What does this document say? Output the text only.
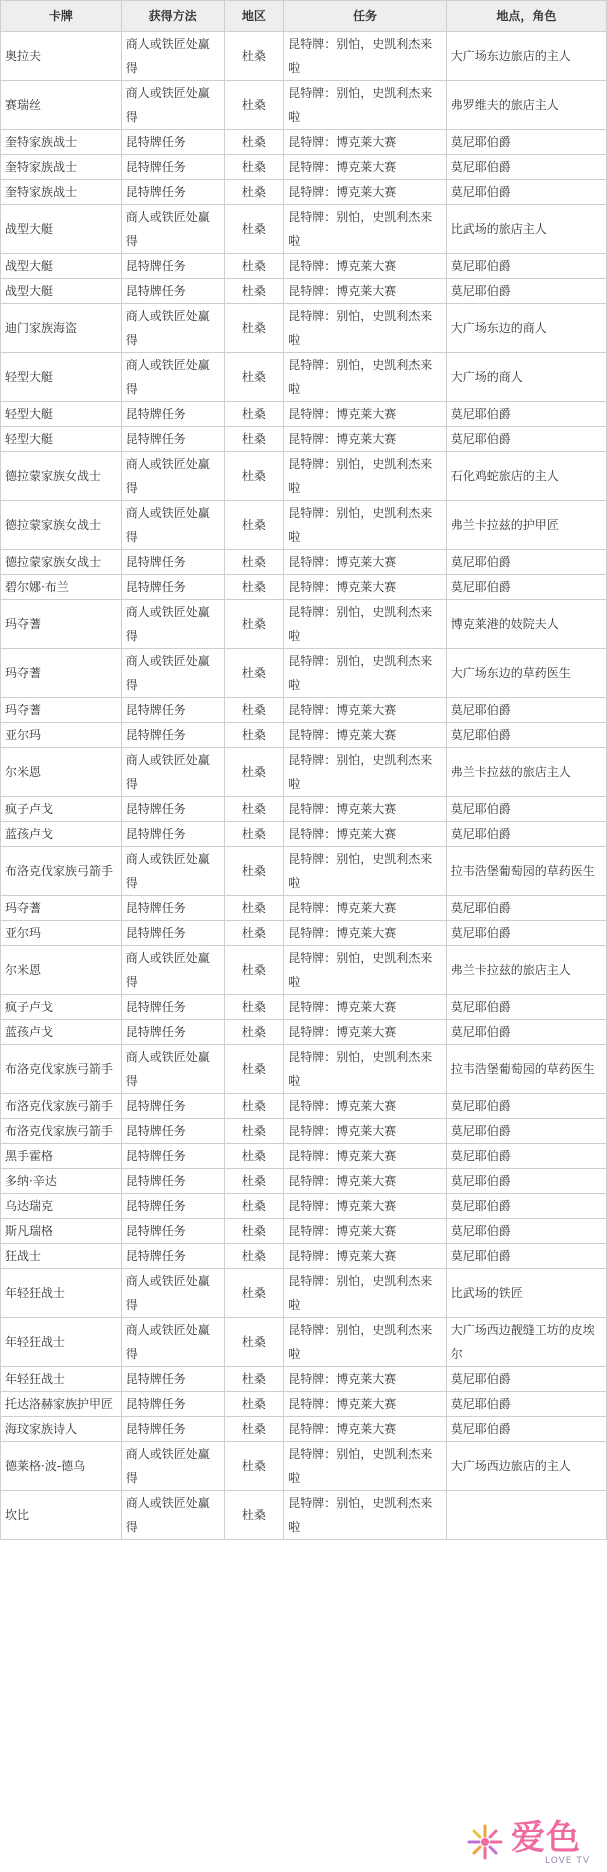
卡牌	获得方法	地区	任务	地点，角色
奥拉夫	商人或铁匠处赢得	杜桑	昆特牌：别怕，史凯利杰来啦	大广场东边旅店的主人
赛瑞丝	商人或铁匠处赢得	杜桑	昆特牌：别怕，史凯利杰来啦	弗罗维夫的旅店主人
奎特家族战士	昆特牌任务	杜桑	昆特牌：博克莱大赛	莫尼耶伯爵
奎特家族战士	昆特牌任务	杜桑	昆特牌：博克莱大赛	莫尼耶伯爵
奎特家族战士	昆特牌任务	杜桑	昆特牌：博克莱大赛	莫尼耶伯爵
战型大艇	商人或铁匠处赢得	杜桑	昆特牌：别怕，史凯利杰来啦	比武场的旅店主人
战型大艇	昆特牌任务	杜桑	昆特牌：博克莱大赛	莫尼耶伯爵
战型大艇	昆特牌任务	杜桑	昆特牌：博克莱大赛	莫尼耶伯爵
迪门家族海盗	商人或铁匠处赢得	杜桑	昆特牌：别怕，史凯利杰来啦	大广场东边的商人
轻型大艇	商人或铁匠处赢得	杜桑	昆特牌：别怕，史凯利杰来啦	大广场的商人
轻型大艇	昆特牌任务	杜桑	昆特牌：博克莱大赛	莫尼耶伯爵
轻型大艇	昆特牌任务	杜桑	昆特牌：博克莱大赛	莫尼耶伯爵
德拉蒙家族女战士	商人或铁匠处赢得	杜桑	昆特牌：别怕，史凯利杰来啦	石化鸡蛇旅店的主人
德拉蒙家族女战士	商人或铁匠处赢得	杜桑	昆特牌：别怕，史凯利杰来啦	弗兰卡拉兹的护甲匠
德拉蒙家族女战士	昆特牌任务	杜桑	昆特牌：博克莱大赛	莫尼耶伯爵
碧尔娜·布兰	昆特牌任务	杜桑	昆特牌：博克莱大赛	莫尼耶伯爵
玛夺蓍	商人或铁匠处赢得	杜桑	昆特牌：别怕，史凯利杰来啦	博克莱港的妓院夫人
玛夺蓍	商人或铁匠处赢得	杜桑	昆特牌：别怕，史凯利杰来啦	大广场东边的草药医生
玛夺蓍	昆特牌任务	杜桑	昆特牌：博克莱大赛	莫尼耶伯爵
亚尔玛	昆特牌任务	杜桑	昆特牌：博克莱大赛	莫尼耶伯爵
尔米恩	商人或铁匠处赢得	杜桑	昆特牌：别怕，史凯利杰来啦	弗兰卡拉兹的旅店主人
疯子卢戈	昆特牌任务	杜桑	昆特牌：博克莱大赛	莫尼耶伯爵
蓝孩卢戈	昆特牌任务	杜桑	昆特牌：博克莱大赛	莫尼耶伯爵
布洛克伐家族弓箭手	商人或铁匠处赢得	杜桑	昆特牌：别怕，史凯利杰来啦	拉韦浩堡葡萄园的草药医生
玛夺蓍	昆特牌任务	杜桑	昆特牌：博克莱大赛	莫尼耶伯爵
亚尔玛	昆特牌任务	杜桑	昆特牌：博克莱大赛	莫尼耶伯爵
尔米恩	商人或铁匠处赢得	杜桑	昆特牌：别怕，史凯利杰来啦	弗兰卡拉兹的旅店主人
疯子卢戈	昆特牌任务	杜桑	昆特牌：博克莱大赛	莫尼耶伯爵
蓝孩卢戈	昆特牌任务	杜桑	昆特牌：博克莱大赛	莫尼耶伯爵
布洛克伐家族弓箭手	商人或铁匠处赢得	杜桑	昆特牌：别怕，史凯利杰来啦	拉韦浩堡葡萄园的草药医生
布洛克伐家族弓箭手	昆特牌任务	杜桑	昆特牌：博克莱大赛	莫尼耶伯爵
布洛克伐家族弓箭手	昆特牌任务	杜桑	昆特牌：博克莱大赛	莫尼耶伯爵
黑手霍格	昆特牌任务	杜桑	昆特牌：博克莱大赛	莫尼耶伯爵
多纳·辛达	昆特牌任务	杜桑	昆特牌：博克莱大赛	莫尼耶伯爵
乌达瑞克	昆特牌任务	杜桑	昆特牌：博克莱大赛	莫尼耶伯爵
斯凡瑞格	昆特牌任务	杜桑	昆特牌：博克莱大赛	莫尼耶伯爵
狂战士	昆特牌任务	杜桑	昆特牌：博克莱大赛	莫尼耶伯爵
年轻狂战士	商人或铁匠处赢得	杜桑	昆特牌：别怕，史凯利杰来啦	比武场的铁匠
年轻狂战士	商人或铁匠处赢得	杜桑	昆特牌：别怕，史凯利杰来啦	大广场西边靓缝工坊的皮埃尔
年轻狂战士	昆特牌任务	杜桑	昆特牌：博克莱大赛	莫尼耶伯爵
托达洛赫家族护甲匠	昆特牌任务	杜桑	昆特牌：博克莱大赛	莫尼耶伯爵
海玟家族诗人	昆特牌任务	杜桑	昆特牌：博克莱大赛	莫尼耶伯爵
德莱格·波-德乌	商人或铁匠处赢得	杜桑	昆特牌：别怕，史凯利杰来啦	大广场西边旅店的主人
坎比	商人或铁匠处赢得	杜桑	昆特牌：别怕，史凯利杰来啦	
爱色
LOVE TV
